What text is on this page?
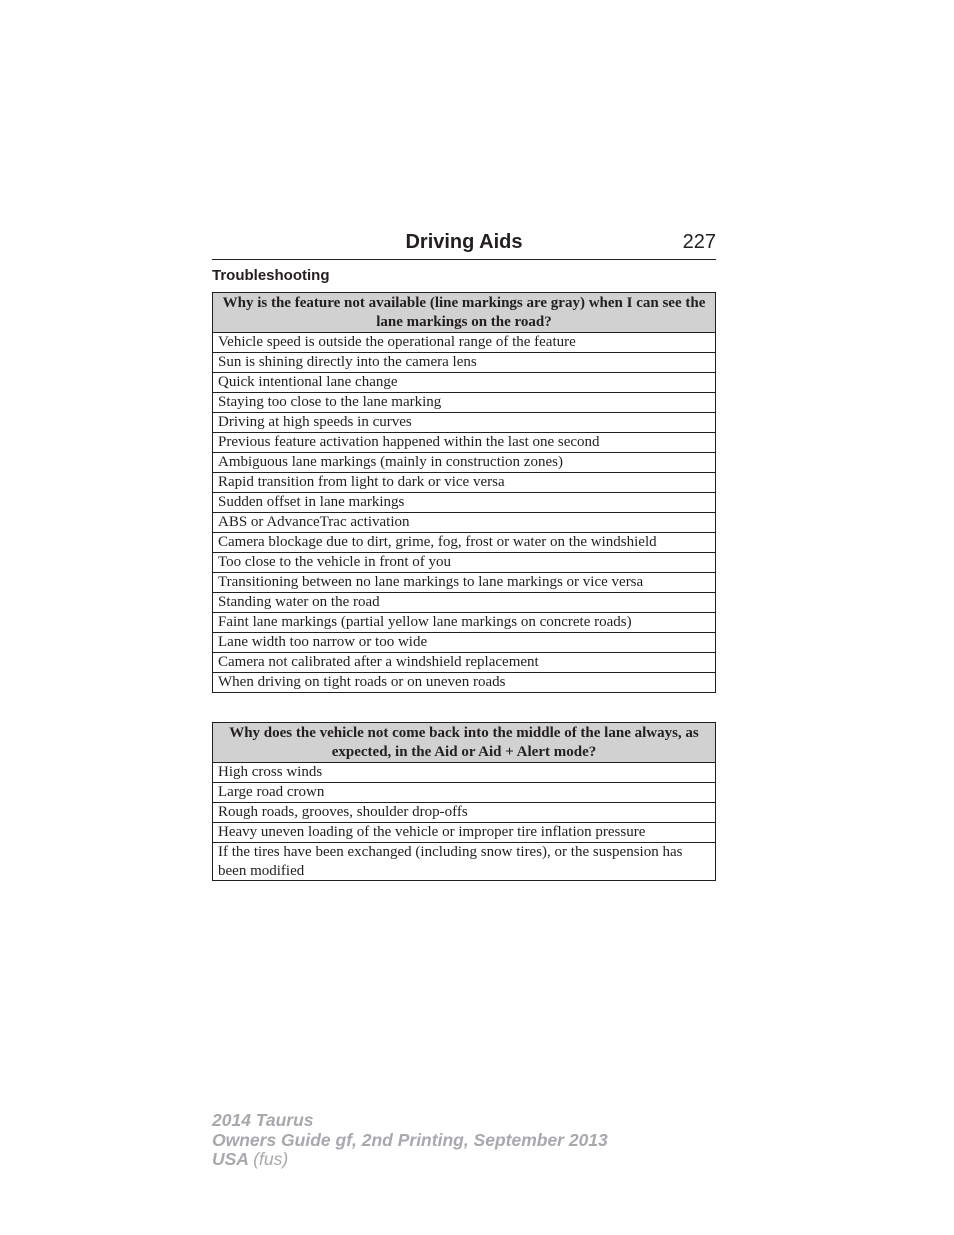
Driving Aids	227
Troubleshooting
Why is the feature not available (line markings are gray) when I can see the lane markings on the road?
Vehicle speed is outside the operational range of the feature
Sun is shining directly into the camera lens
Quick intentional lane change
Staying too close to the lane marking
Driving at high speeds in curves
Previous feature activation happened within the last one second
Ambiguous lane markings (mainly in construction zones)
Rapid transition from light to dark or vice versa
Sudden offset in lane markings
ABS or AdvanceTrac activation
Camera blockage due to dirt, grime, fog, frost or water on the windshield
Too close to the vehicle in front of you
Transitioning between no lane markings to lane markings or vice versa
Standing water on the road
Faint lane markings (partial yellow lane markings on concrete roads)
Lane width too narrow or too wide
Camera not calibrated after a windshield replacement
When driving on tight roads or on uneven roads
Why does the vehicle not come back into the middle of the lane always, as expected, in the Aid or Aid + Alert mode?
High cross winds
Large road crown
Rough roads, grooves, shoulder drop-offs
Heavy uneven loading of the vehicle or improper tire inflation pressure
If the tires have been exchanged (including snow tires), or the suspension has been modified
2014 Taurus
Owners Guide gf, 2nd Printing, September 2013
USA (fus)
